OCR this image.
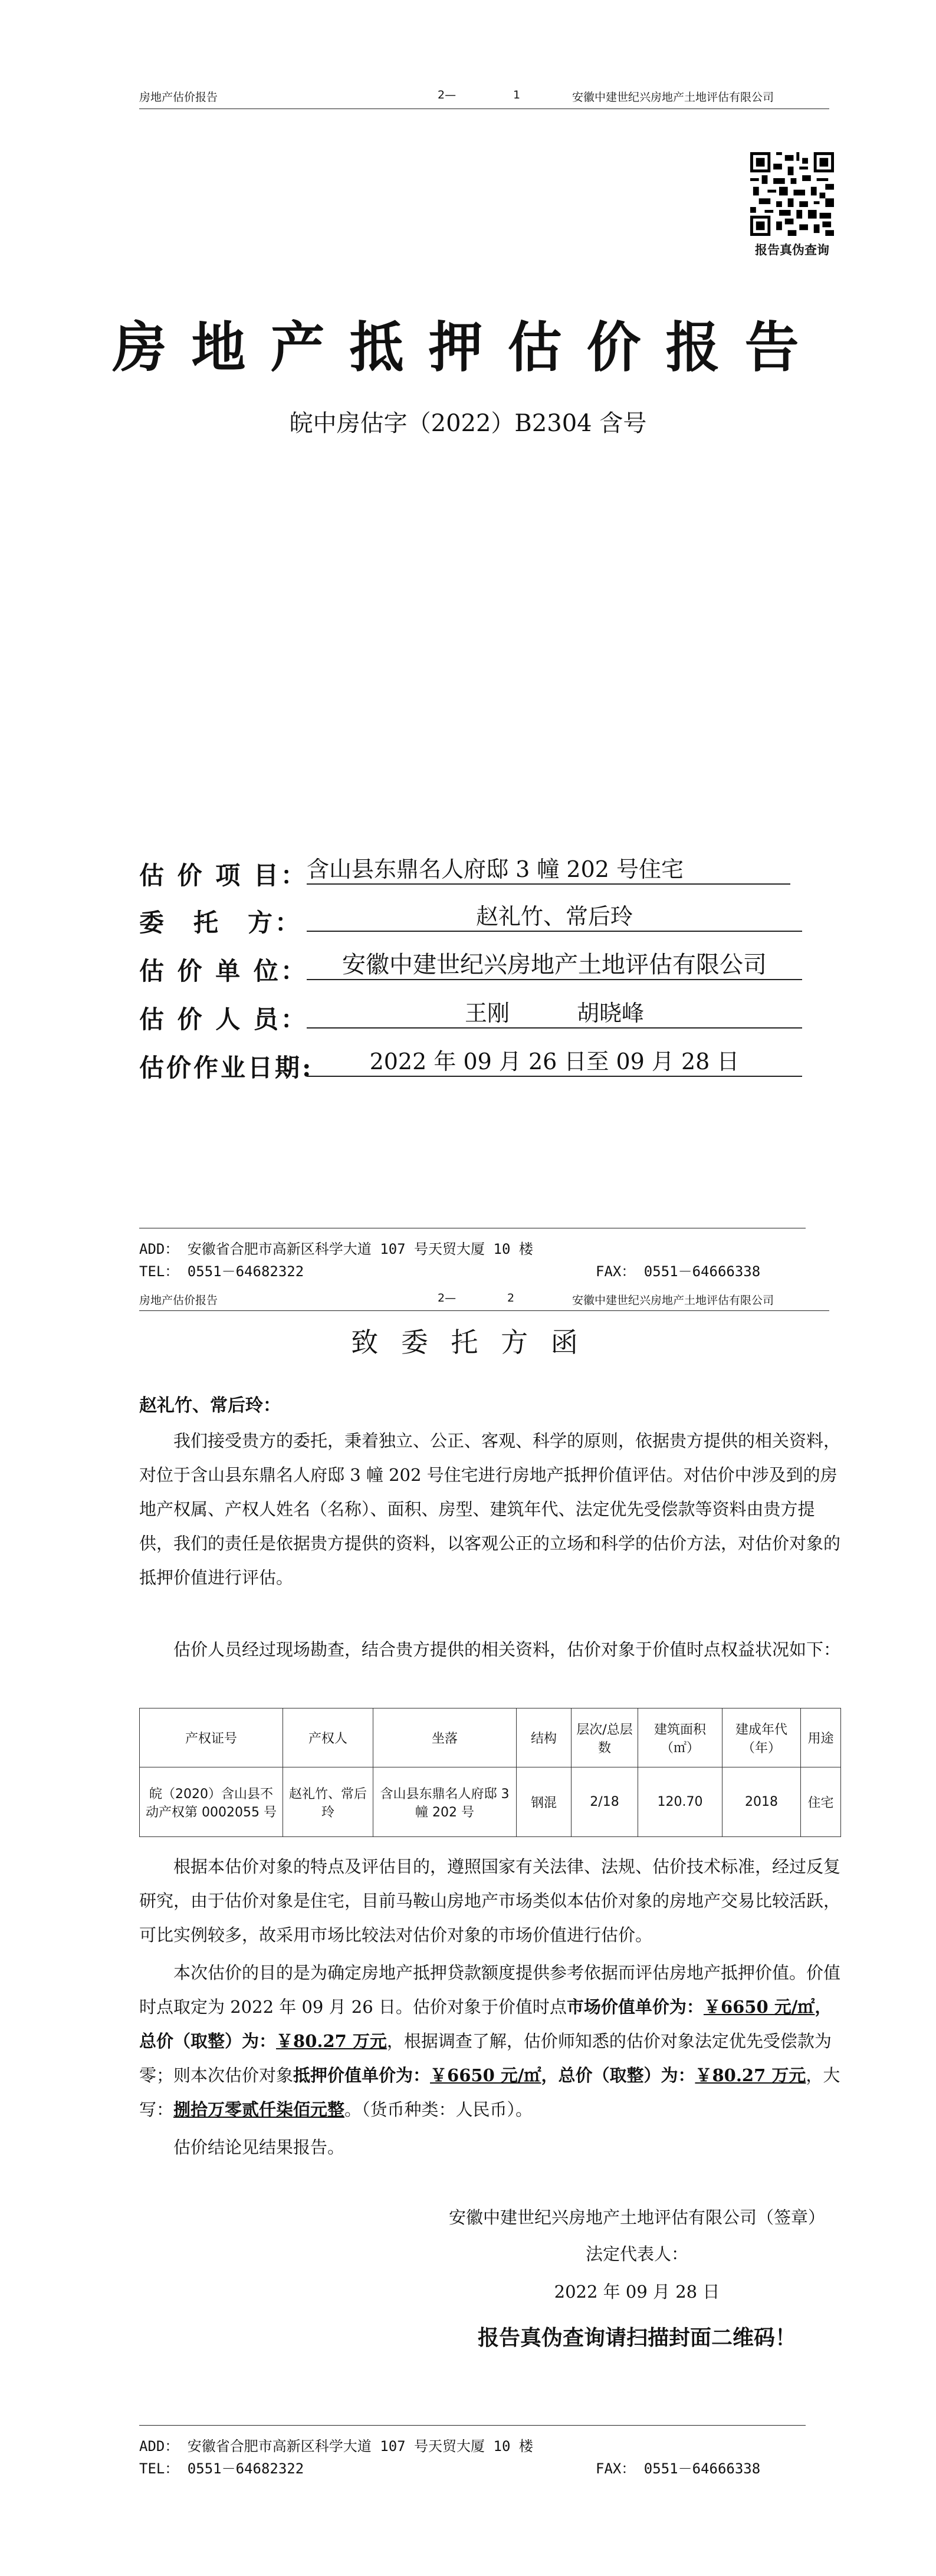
房地产估价报告	2—	1	安徽中建世纪兴房地产土地评估有限公司
报告真伪查询
房地产抵押估价报告
皖中房估字（2022）B2304 含号
估 价 项 目：
含山县东鼎名人府邸 3 幢 202 号住宅
委　托　方：	赵礼竹、常后玲
估 价 单 位：	安徽中建世纪兴房地产土地评估有限公司
估 价 人 员：	王刚　　　胡晓峰
估价作业日期:	2022 年 09 月 26 日至 09 月 28 日
ADD： 安徽省合肥市高新区科学大道 107 号天贸大厦 10 楼
TEL： 0551－64682322	FAX： 0551－64666338
房地产估价报告	2—	2	安徽中建世纪兴房地产土地评估有限公司
致 委 托 方 函
赵礼竹、常后玲：
我们接受贵方的委托，秉着独立、公正、客观、科学的原则，依据贵方提供的相关资料，对位于含山县东鼎名人府邸 3 幢 202 号住宅进行房地产抵押价值评估。对估价中涉及到的房地产权属、产权人姓名（名称）、面积、房型、建筑年代、法定优先受偿款等资料由贵方提供，我们的责任是依据贵方提供的资料，以客观公正的立场和科学的估价方法，对估价对象的抵押价值进行评估。
估价人员经过现场勘查，结合贵方提供的相关资料，估价对象于价值时点权益状况如下：
产权证号	产权人	坐落	结构	层次/总层数	建筑面积（㎡）	建成年代（年）	用途
皖（2020）含山县不动产权第 0002055 号	赵礼竹、常后玲	含山县东鼎名人府邸 3 幢 202 号	钢混	2/18	120.70	2018	住宅
根据本估价对象的特点及评估目的，遵照国家有关法律、法规、估价技术标准，经过反复研究，由于估价对象是住宅，目前马鞍山房地产市场类似本估价对象的房地产交易比较活跃，可比实例较多，故采用市场比较法对估价对象的市场价值进行估价。
本次估价的目的是为确定房地产抵押贷款额度提供参考依据而评估房地产抵押价值。价值时点取定为 2022 年 09 月 26 日。估价对象于价值时点市场价值单价为：￥6650 元/㎡，总价（取整）为：￥80.27 万元，根据调查了解，估价师知悉的估价对象法定优先受偿款为零；则本次估价对象抵押价值单价为：￥6650 元/㎡，总价（取整）为：￥80.27 万元，大写：捌拾万零贰仟柒佰元整。（货币种类：人民币）。
估价结论见结果报告。
安徽中建世纪兴房地产土地评估有限公司（签章）
法定代表人：
2022 年 09 月 28 日
报告真伪查询请扫描封面二维码！
ADD： 安徽省合肥市高新区科学大道 107 号天贸大厦 10 楼
TEL： 0551－64682322	FAX： 0551－64666338
